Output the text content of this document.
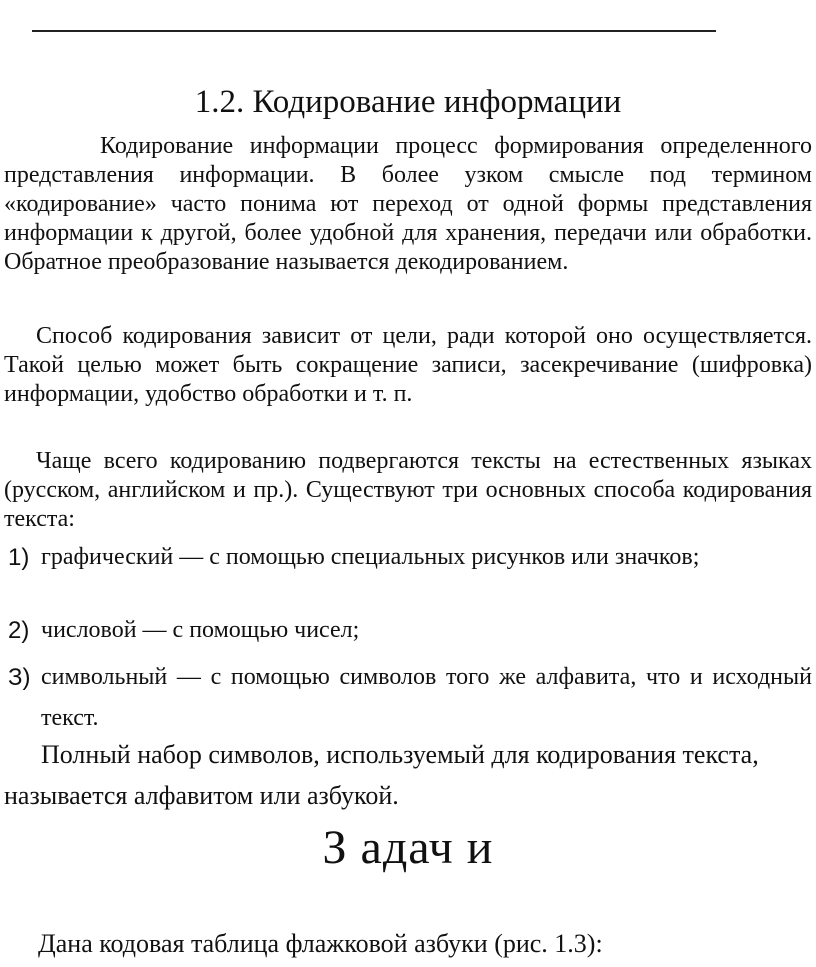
1.2. Кодирование информации

Кодирование информации процесс формирования определенного представления информации. В более узком смысле под термином «кодирование» часто понима ют переход от одной формы представления информации к другой, более удобной для хранения, передачи или обработки. Обратное преобразование называется декодированием.

Способ кодирования зависит от цели, ради которой оно осуществляется. Такой целью может быть сокращение записи, засекречивание (шифровка) информации, удобство обработки и т. п.

Чаще всего кодированию подвергаются тексты на естественных языках (русском, английском и пр.). Существуют три основных способа кодирования текста:

1) графический — с помощью специальных рисунков или значков;
2) числовой — с помощью чисел;
З) символьный — с помощью символов того же алфавита, что и исходный текст.

Полный набор символов, используемый для кодирования текста, называется алфавитом или азбукой.

З адач и

Дана кодовая таблица флажковой азбуки (рис. 1.3):
